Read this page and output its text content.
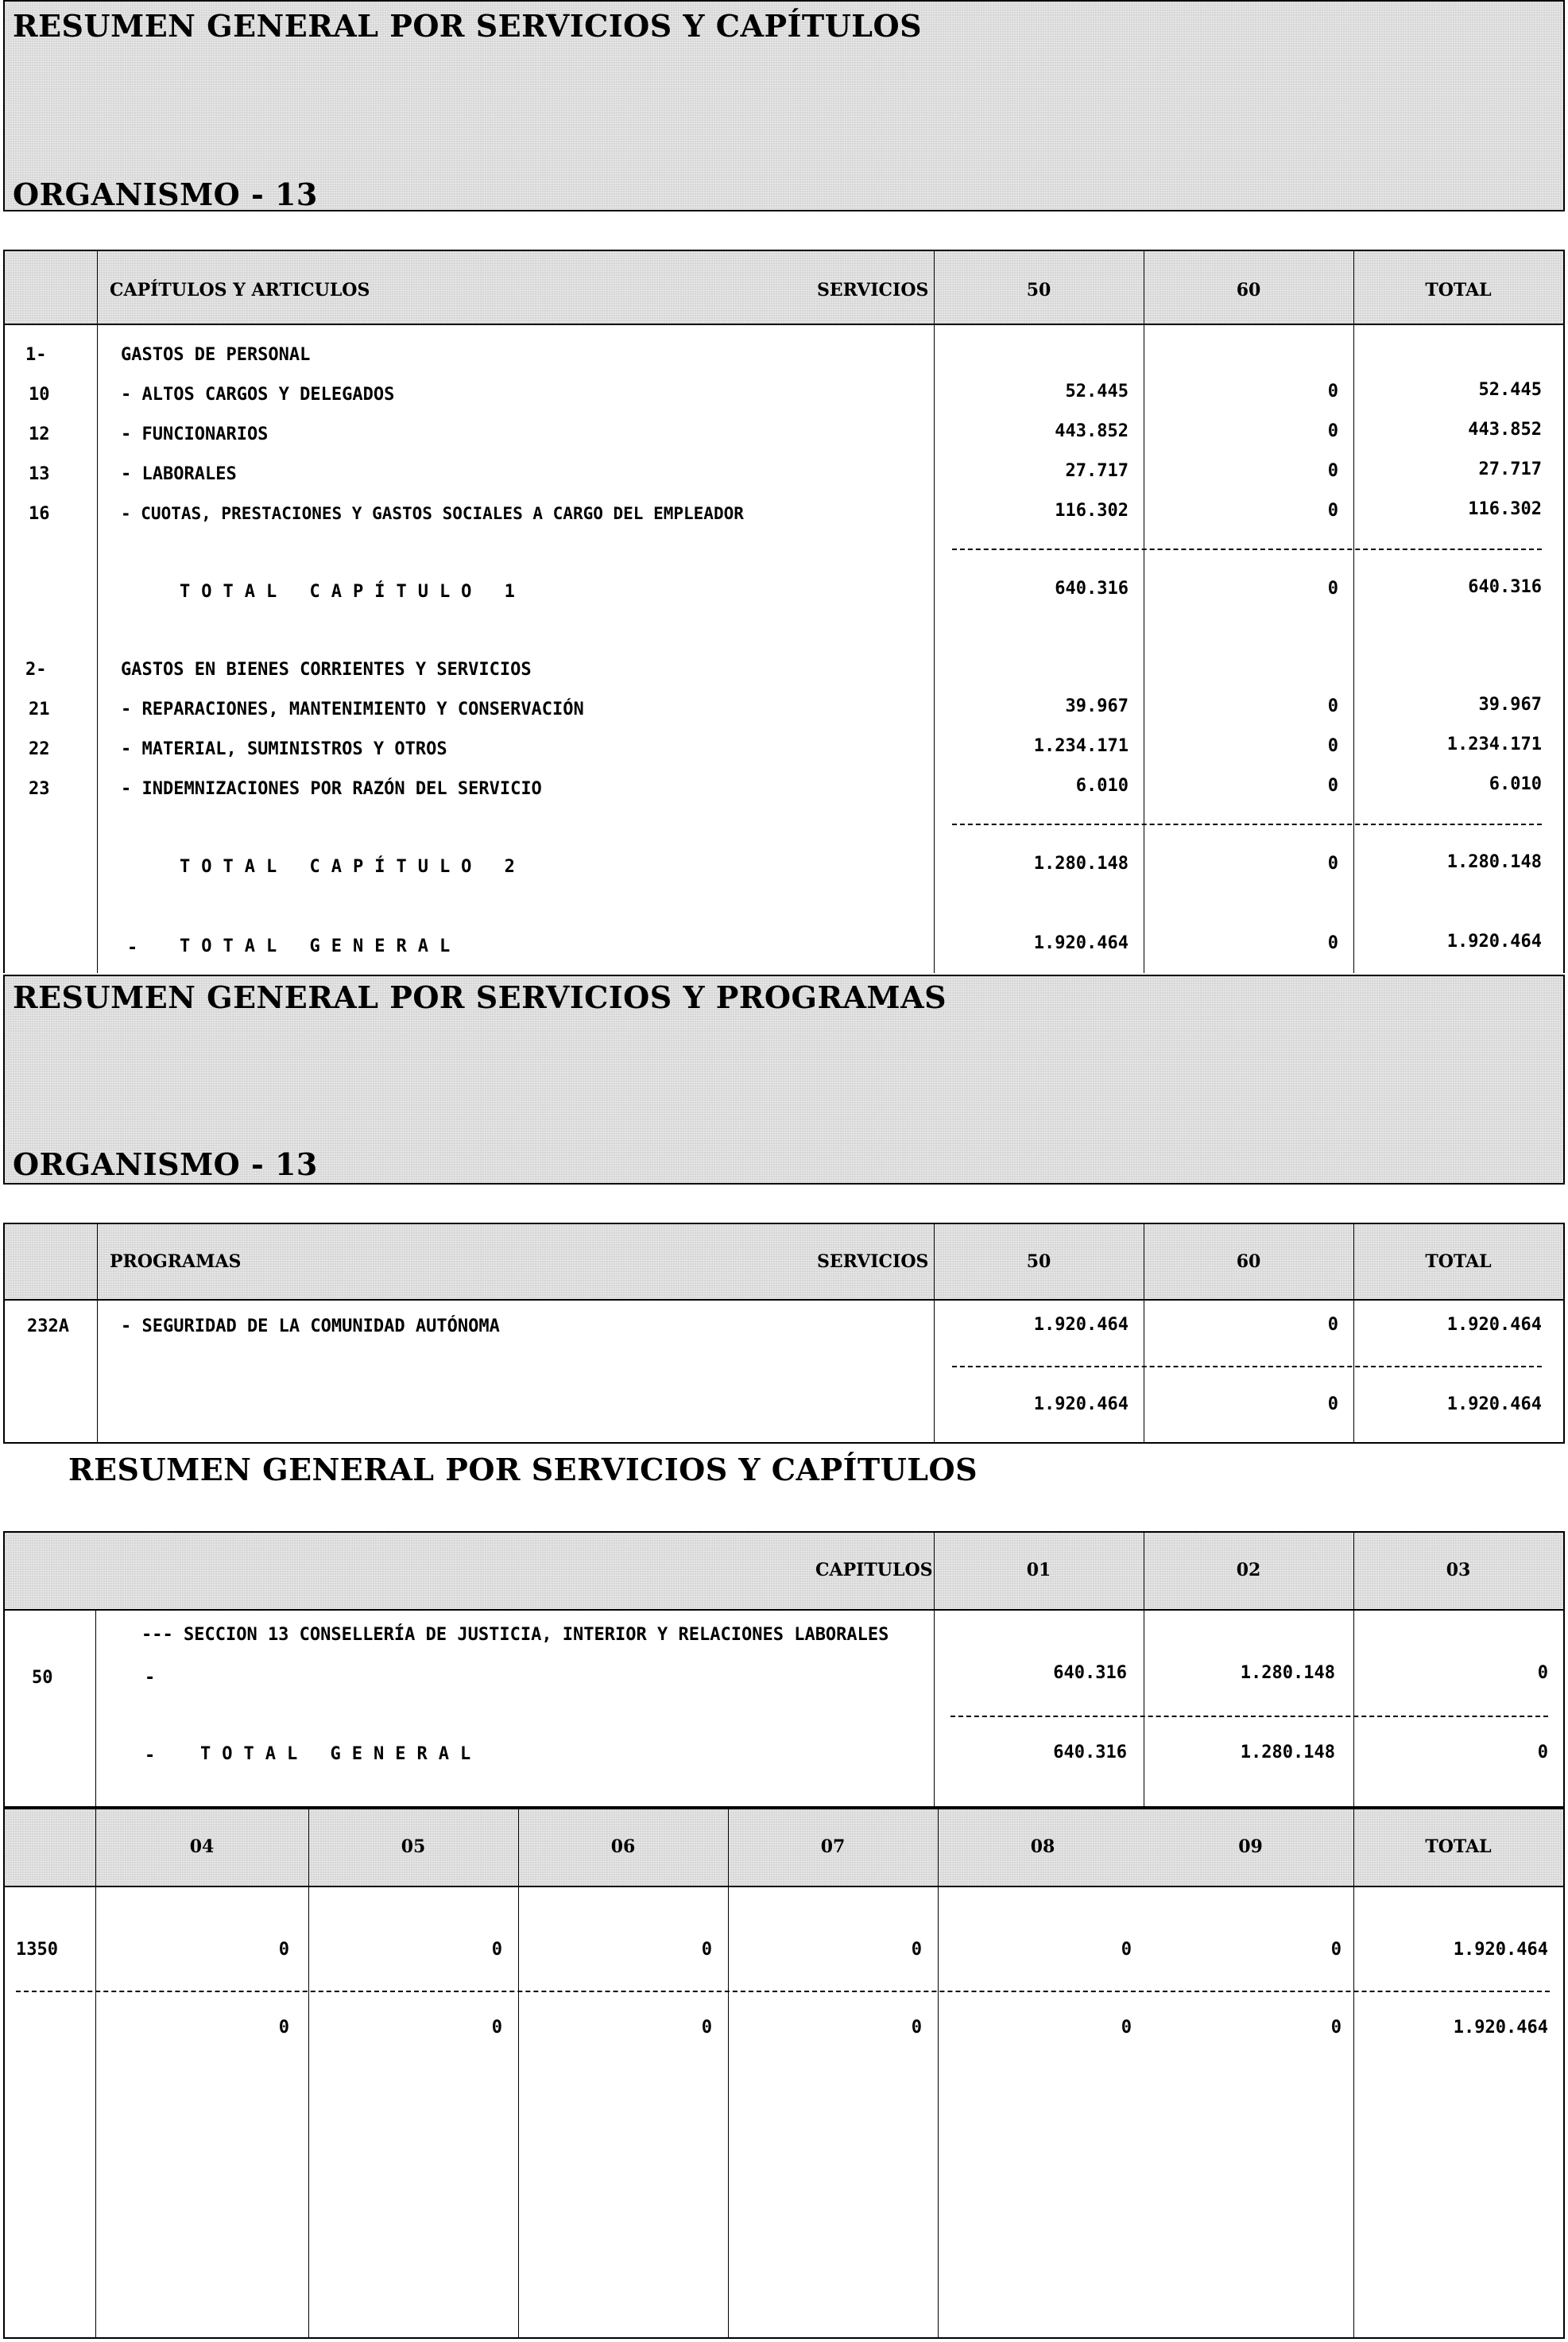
RESUMEN GENERAL POR SERVICIOS Y CAPÍTULOS
ORGANISMO - 13
CAPÍTULOS Y ARTICULOS	SERVICIOS	50	60	TOTAL
1-	GASTOS DE PERSONAL
10	- ALTOS CARGOS Y DELEGADOS	52.445	0	52.445
12	- FUNCIONARIOS	443.852	0	443.852
13	- LABORALES	27.717	0	27.717
16	- CUOTAS, PRESTACIONES Y GASTOS SOCIALES A CARGO DEL EMPLEADOR	116.302	0	116.302
TOTAL CAPÍTULO 1	640.316	0	640.316
2-	GASTOS EN BIENES CORRIENTES Y SERVICIOS
21	- REPARACIONES, MANTENIMIENTO Y CONSERVACIÓN	39.967	0	39.967
22	- MATERIAL, SUMINISTROS Y OTROS	1.234.171	0	1.234.171
23	- INDEMNIZACIONES POR RAZÓN DEL SERVICIO	6.010	0	6.010
TOTAL CAPÍTULO 2	1.280.148	0	1.280.148
- TOTAL GENERAL	1.920.464	0	1.920.464
RESUMEN GENERAL POR SERVICIOS Y PROGRAMAS
ORGANISMO - 13
PROGRAMAS	SERVICIOS	50	60	TOTAL
232A	- SEGURIDAD DE LA COMUNIDAD AUTÓNOMA	1.920.464	0	1.920.464
1.920.464	0	1.920.464
RESUMEN GENERAL POR SERVICIOS Y CAPÍTULOS
CAPITULOS	01	02	03
--- SECCION 13 CONSELLERÍA DE JUSTICIA, INTERIOR Y RELACIONES LABORALES
50	-	640.316	1.280.148	0
-	TOTAL GENERAL	640.316	1.280.148	0
04	05	06	07	08	09	TOTAL
1350	0	0	0	0	0	0	1.920.464
0	0	0	0	0	0	1.920.464
